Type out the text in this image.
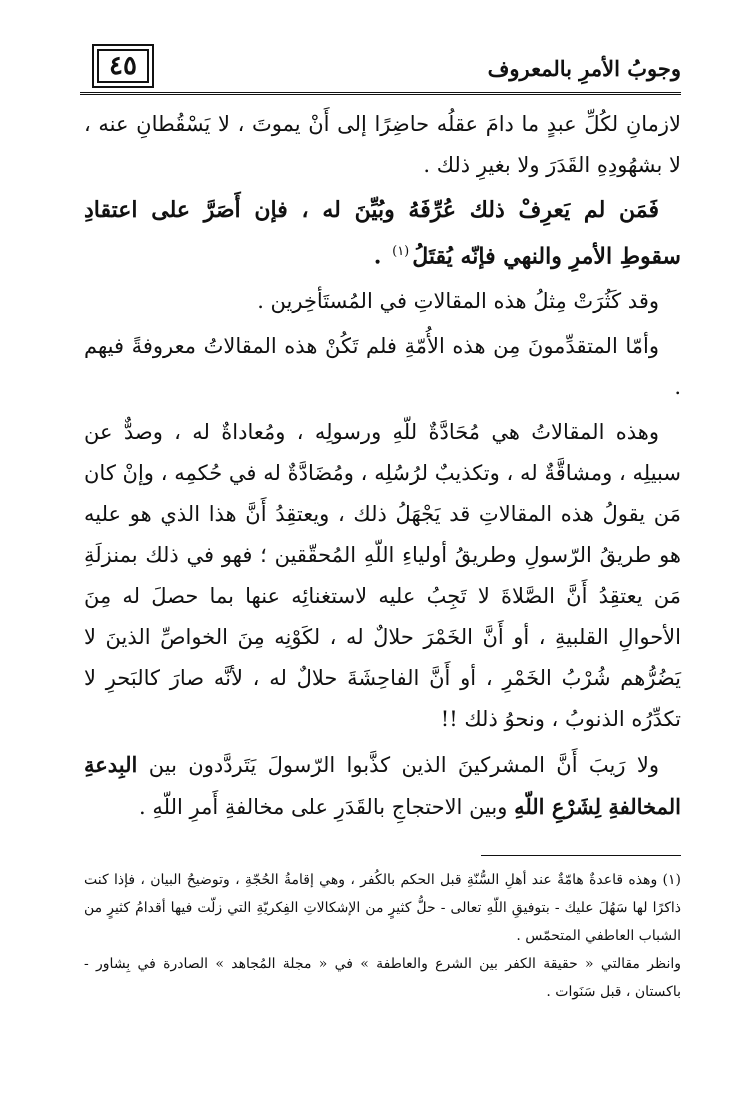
وجوبُ الأمرِ بالمعروف
٤٥

لازمانِ لكُلِّ عبدٍ ما دامَ عقلُه حاضِرًا إلى أَنْ يموتَ ، لا يَسْقُطانِ عنه ، لا بشهُودِهِ القَدَرَ ولا بغيرِ ذلك .

فَمَن لم يَعرِفْ ذلك عُرِّفَهُ وبُيِّنَ له ، فإن أَصَرَّ على اعتقادِ سقوطِ الأمرِ والنهي فإنّه يُقتَلُ$^{(١)}$ .

وقد كَثُرَتْ مِثلُ هذه المقالاتِ في المُستَأخِرين .

وأمّا المتقدِّمونَ مِن هذه الأُمّةِ فلم تَكُنْ هذه المقالاتُ معروفةً فيهم .

وهذه المقالاتُ هي مُحَادَّةٌ للّهِ ورسولِه ، ومُعاداةٌ له ، وصدٌّ عن سبيلِه ، ومشاقَّةٌ له ، وتكذيبٌ لرُسُلِه ، ومُضَادَّةٌ له في حُكمِه ، وإنْ كان مَن يقولُ هذه المقالاتِ قد يَجْهَلُ ذلك ، ويعتقِدُ أَنَّ هذا الذي هو عليه هو طريقُ الرّسولِ وطريقُ أولياءِ اللّهِ المُحقّقين ؛ فهو في ذلك بمنزلَةِ مَن يعتقِدُ أَنَّ الصَّلاةَ لا تَجِبُ عليه لاستغنائِه عنها بما حصلَ له مِنَ الأحوالِ القلبيةِ ، أو أَنَّ الخَمْرَ حلالٌ له ، لكَوْنِه مِنَ الخواصِّ الذينَ لا يَضُرُّهم شُرْبُ الخَمْرِ ، أو أَنَّ الفاحِشَةَ حلالٌ له ، لأنَّه صارَ كالبَحرِ لا تكدِّرُه الذنوبُ ، ونحوُ ذلك !!

ولا رَيبَ أَنَّ المشركينَ الذين كذَّبوا الرّسولَ يَتَردَّدون بين البِدعةِ المخالفةِ لِشَرْعِ اللّهِ وبين الاحتجاجِ بالقَدَرِ على مخالفةِ أَمرِ اللّهِ .

(١) وهذه قاعدةٌ هامّةٌ عند أهلِ السُّنّةِ قبل الحكم بالكُفر ، وهي إقامةُ الحُجّةِ ، وتوضيحُ البيان ، فإذا كنت ذاكرًا لها سَهُلَ عليك - بتوفيقِ اللّهِ تعالى - حلُّ كثيرٍ من الإشكالاتِ الفِكريّةِ التي زلّت فيها أقدامُ كثيرٍ من الشباب العاطفي المتحمّس .

وانظر مقالتي « حقيقة الكفر بين الشرع والعاطفة » في « مجلة المُجاهد » الصادرة في بِشاور - باكستان ، قبل سَنَوات .
